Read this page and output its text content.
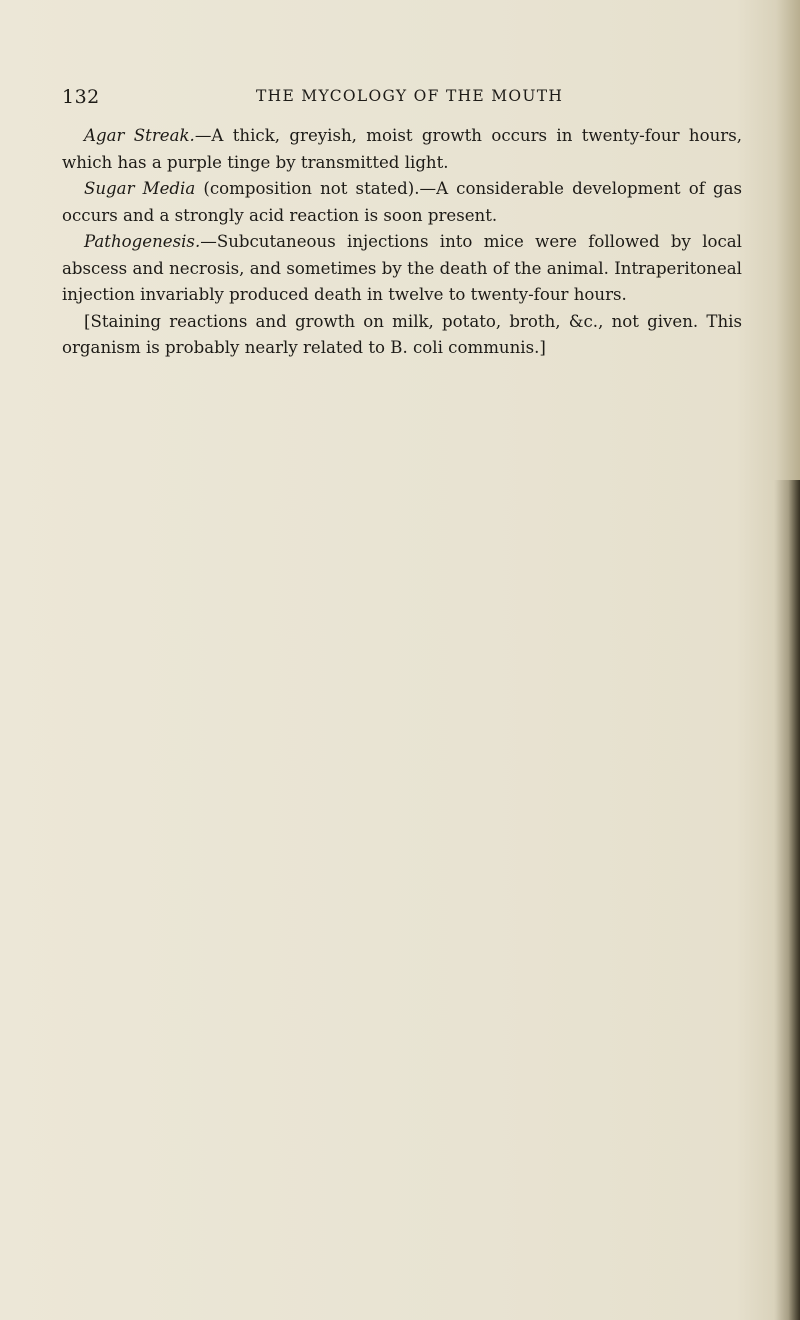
132	THE MYCOLOGY OF THE MOUTH

Agar Streak.—A thick, greyish, moist growth occurs in twenty-four hours, which has a purple tinge by transmitted light.

Sugar Media (composition not stated).—A considerable development of gas occurs and a strongly acid reaction is soon present.

Pathogenesis.—Subcutaneous injections into mice were followed by local abscess and necrosis, and sometimes by the death of the animal. Intraperitoneal injection invariably produced death in twelve to twenty-four hours.

[Staining reactions and growth on milk, potato, broth, &c., not given. This organism is probably nearly related to B. coli communis.]
